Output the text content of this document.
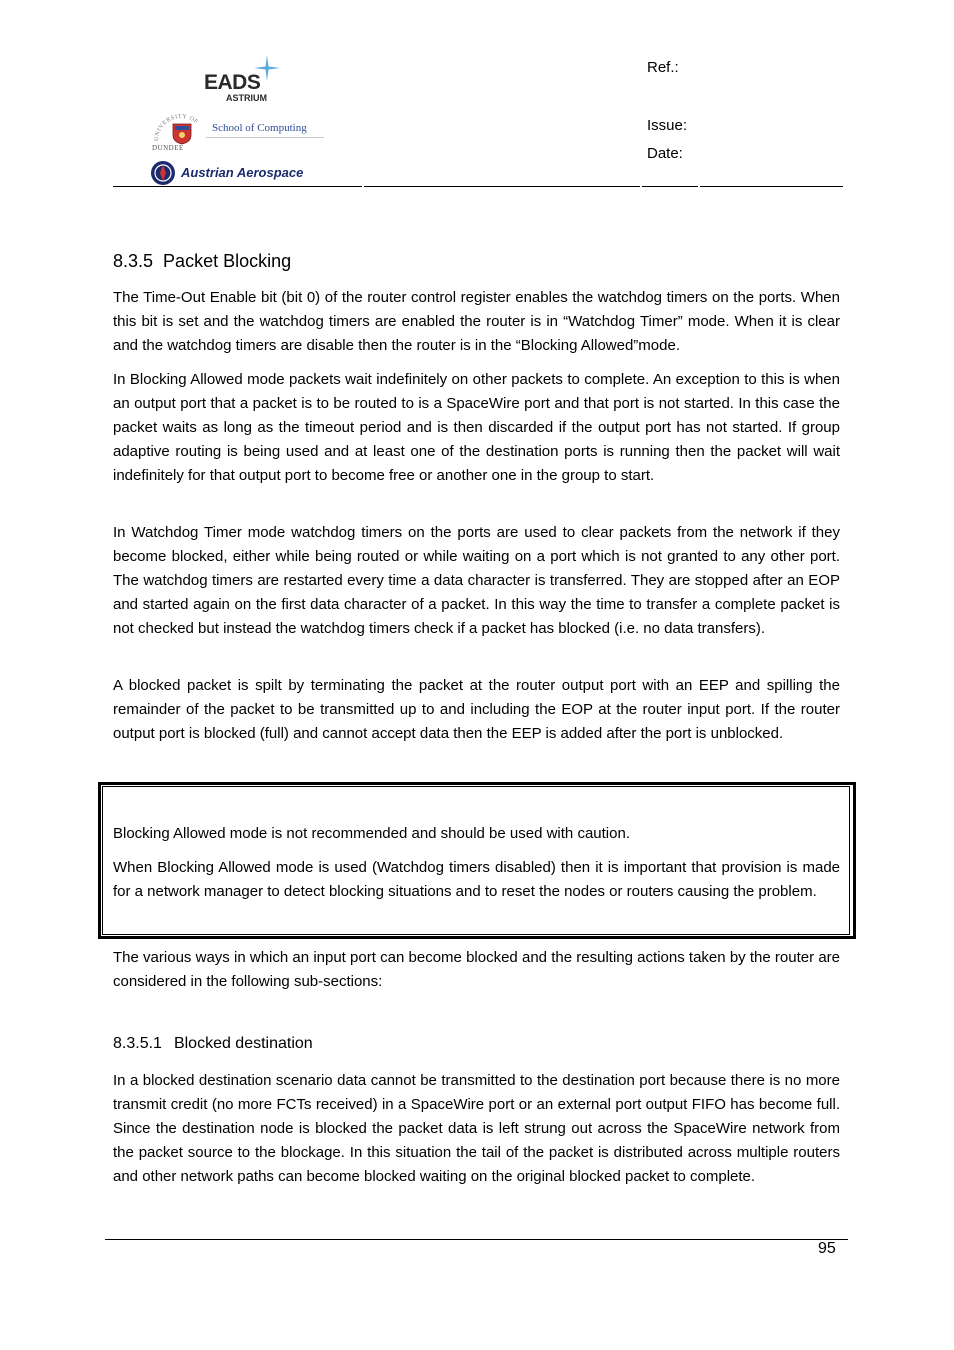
EADS
ASTRIUM
UNIVERSITY OF
DUNDEE
School of Computing
Austrian Aerospace
Ref.:
Issue:
Date:
8.3.5 Packet Blocking

The Time-Out Enable bit (bit 0) of the router control register enables the watchdog timers on the ports. When this bit is set and the watchdog timers are enabled the router is in “Watchdog Timer” mode. When it is clear and the watchdog timers are disable then the router is in the “Blocking Allowed”mode.

In Blocking Allowed mode packets wait indefinitely on other packets to complete. An exception to this is when an output port that a packet is to be routed to is a SpaceWire port and that port is not started. In this case the packet waits as long as the timeout period and is then discarded if the output port has not started. If group adaptive routing is being used and at least one of the destination ports is running then the packet will wait indefinitely for that output port to become free or another one in the group to start.

In Watchdog Timer mode watchdog timers on the ports are used to clear packets from the network if they become blocked, either while being routed or while waiting on a port which is not granted to any other port. The watchdog timers are restarted every time a data character is transferred. They are stopped after an EOP and started again on the first data character of a packet. In this way the time to transfer a complete packet is not checked but instead the watchdog timers check if a packet has blocked (i.e. no data transfers).

A blocked packet is spilt by terminating the packet at the router output port with an EEP and spilling the remainder of the packet to be transmitted up to and including the EOP at the router input port. If the router output port is blocked (full) and cannot accept data then the EEP is added after the port is unblocked.

Blocking Allowed mode is not recommended and should be used with caution.

When Blocking Allowed mode is used (Watchdog timers disabled) then it is important that provision is made for a network manager to detect blocking situations and to reset the nodes or routers causing the problem.

The various ways in which an input port can become blocked and the resulting actions taken by the router are considered in the following sub-sections:

8.3.5.1 Blocked destination

In a blocked destination scenario data cannot be transmitted to the destination port because there is no more transmit credit (no more FCTs received) in a SpaceWire port or an external port output FIFO has become full. Since the destination node is blocked the packet data is left strung out across the SpaceWire network from the packet source to the blockage. In this situation the tail of the packet is distributed across multiple routers and other network paths can become blocked waiting on the original blocked packet to complete.

95
